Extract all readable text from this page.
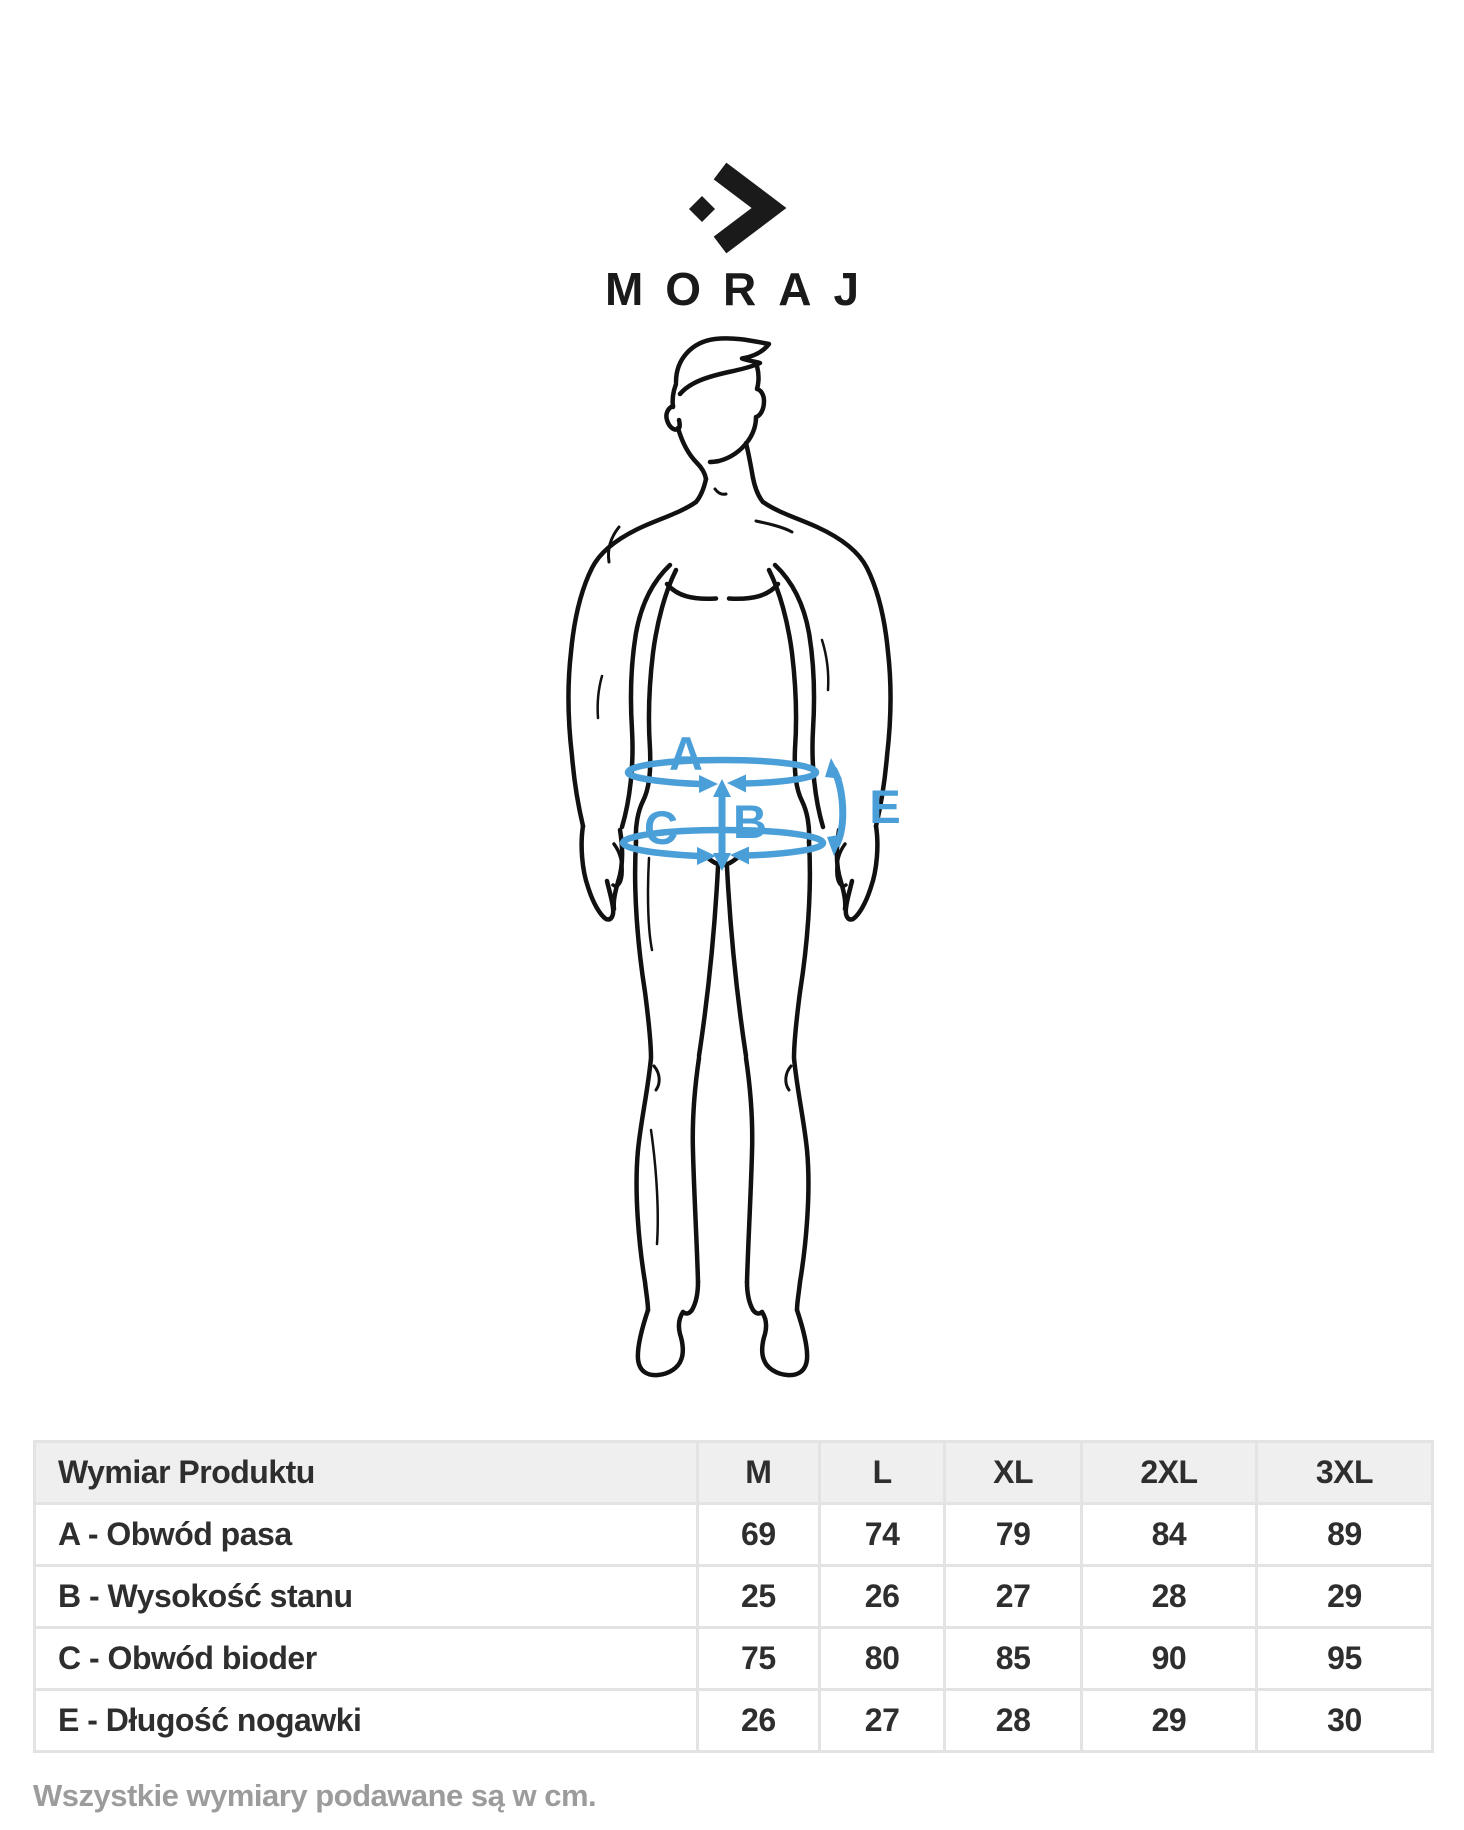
MORAJ
A
B
C	E
Wymiar Produktu	M	L	XL	2XL	3XL
A - Obwód pasa	69	74	79	84	89
B - Wysokość stanu	25	26	27	28	29
C - Obwód bioder	75	80	85	90	95
E - Długość nogawki	26	27	28	29	30
Wszystkie wymiary podawane są w cm.
